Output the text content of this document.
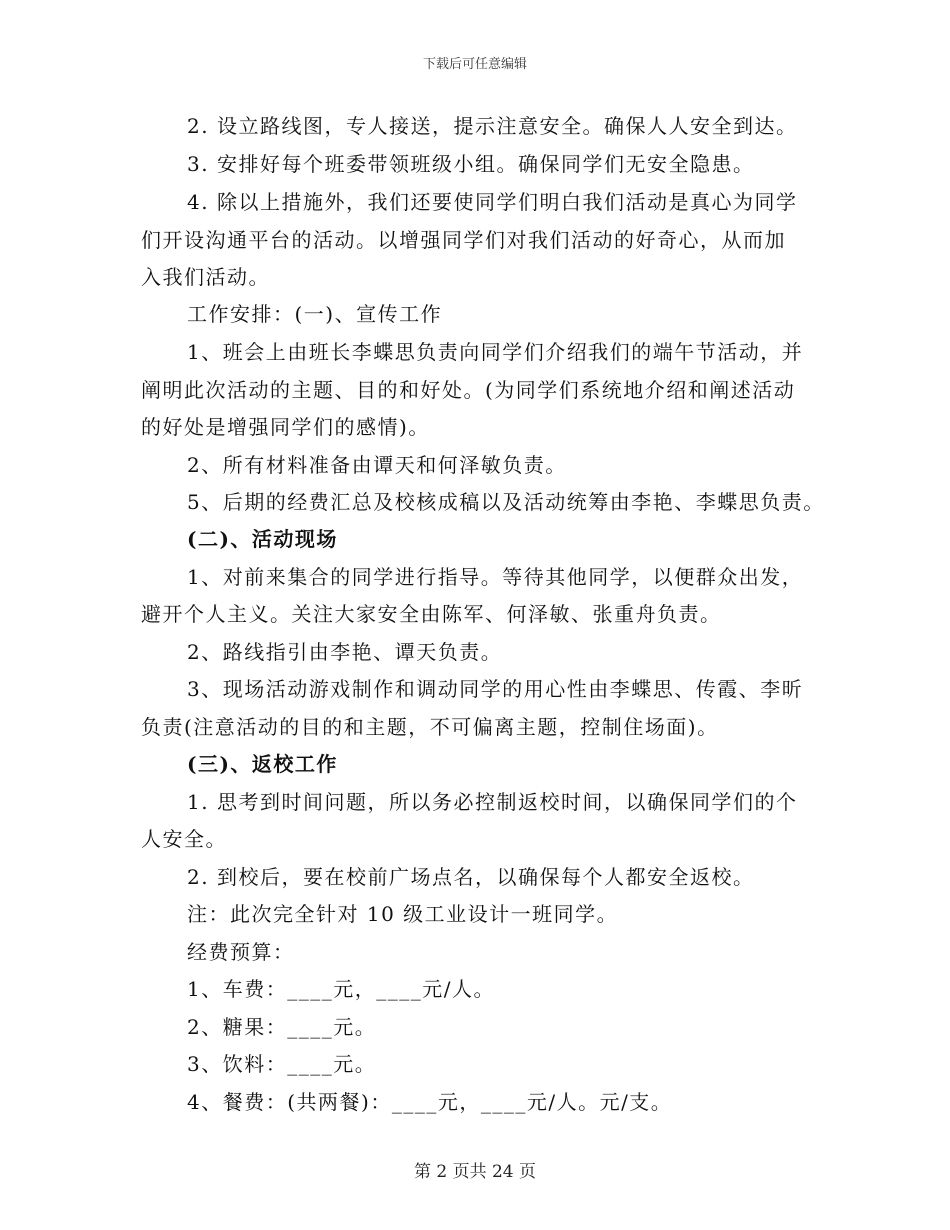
下载后可任意编辑
2. 设立路线图，专人接送，提示注意安全。确保人人安全到达。
3. 安排好每个班委带领班级小组。确保同学们无安全隐患。
4. 除以上措施外，我们还要使同学们明白我们活动是真心为同学
们开设沟通平台的活动。以增强同学们对我们活动的好奇心，从而加
入我们活动。
工作安排：(一)、宣传工作
1、班会上由班长李蝶思负责向同学们介绍我们的端午节活动，并
阐明此次活动的主题、目的和好处。(为同学们系统地介绍和阐述活动
的好处是增强同学们的感情)。
2、所有材料准备由谭天和何泽敏负责。
5、后期的经费汇总及校核成稿以及活动统筹由李艳、李蝶思负责。
(二)、活动现场
1、对前来集合的同学进行指导。等待其他同学，以便群众出发，
避开个人主义。关注大家安全由陈军、何泽敏、张重舟负责。
2、路线指引由李艳、谭天负责。
3、现场活动游戏制作和调动同学的用心性由李蝶思、传霞、李昕
负责(注意活动的目的和主题，不可偏离主题，控制住场面)。
(三)、返校工作
1. 思考到时间问题，所以务必控制返校时间，以确保同学们的个
人安全。
2. 到校后，要在校前广场点名，以确保每个人都安全返校。
注：此次完全针对 10 级工业设计一班同学。
经费预算：
1、车费：____元，____元/人。
2、糖果：____元。
3、饮料：____元。
4、餐费：(共两餐)：____元，____元/人。元/支。
第 2 页共 24 页
